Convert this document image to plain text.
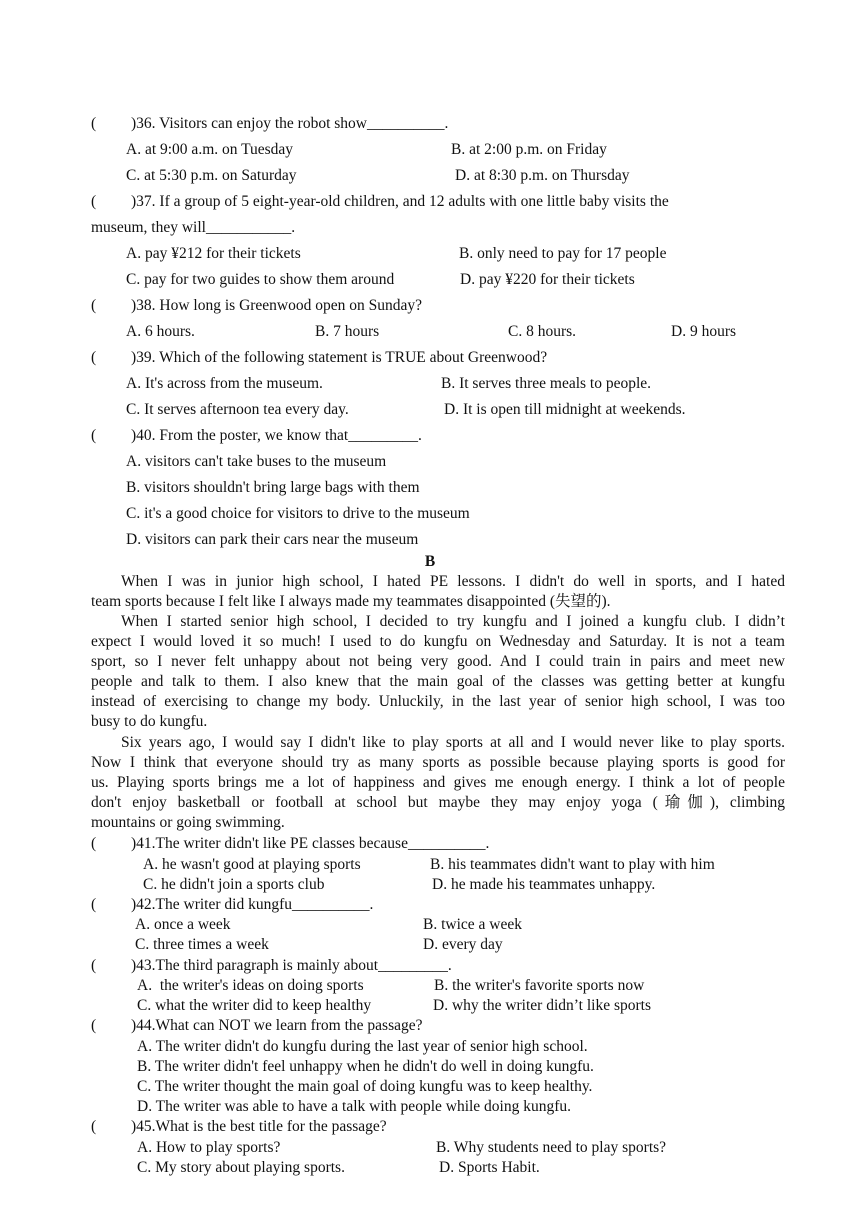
( )36. Visitors can enjoy the robot show__________.
A. at 9:00 a.m. on Tuesday	B. at 2:00 p.m. on Friday
C. at 5:30 p.m. on Saturday	D. at 8:30 p.m. on Thursday
( )37. If a group of 5 eight-year-old children, and 12 adults with one little baby visits the
museum, they will___________.
A. pay ¥212 for their tickets	B. only need to pay for 17 people
C. pay for two guides to show them around	D. pay ¥220 for their tickets
( )38. How long is Greenwood open on Sunday?
A. 6 hours.	B. 7 hours	C. 8 hours.	D. 9 hours
( )39. Which of the following statement is TRUE about Greenwood?
A. It's across from the museum.	B. It serves three meals to people.
C. It serves afternoon tea every day.	D. It is open till midnight at weekends.
( )40. From the poster, we know that_________.
A. visitors can't take buses to the museum
B. visitors shouldn't bring large bags with them
C. it's a good choice for visitors to drive to the museum
D. visitors can park their cars near the museum
B
When I was in junior high school, I hated PE lessons. I didn't do well in sports, and I hated
team sports because I felt like I always made my teammates disappointed (失望的).
When I started senior high school, I decided to try kungfu and I joined a kungfu club. I didn’t
expect I would loved it so much! I used to do kungfu on Wednesday and Saturday. It is not a team
sport, so I never felt unhappy about not being very good. And I could train in pairs and meet new
people and talk to them. I also knew that the main goal of the classes was getting better at kungfu
instead of exercising to change my body. Unluckily, in the last year of senior high school, I was too
busy to do kungfu.
Six years ago, I would say I didn't like to play sports at all and I would never like to play sports.
Now I think that everyone should try as many sports as possible because playing sports is good for
us. Playing sports brings me a lot of happiness and gives me enough energy. I think a lot of people
don't enjoy basketball or football at school but maybe they may enjoy yoga (瑜伽), climbing
mountains or going swimming.
( )41.The writer didn't like PE classes because__________.
A. he wasn't good at playing sports	B. his teammates didn't want to play with him
C. he didn't join a sports club	D. he made his teammates unhappy.
( )42.The writer did kungfu__________.
A. once a week	B. twice a week
C. three times a week	D. every day
( )43.The third paragraph is mainly about_________.
A.  the writer's ideas on doing sports	B. the writer's favorite sports now
C. what the writer did to keep healthy	D. why the writer didn’t like sports
( )44.What can NOT we learn from the passage?
A. The writer didn't do kungfu during the last year of senior high school.
B. The writer didn't feel unhappy when he didn't do well in doing kungfu.
C. The writer thought the main goal of doing kungfu was to keep healthy.
D. The writer was able to have a talk with people while doing kungfu.
( )45.What is the best title for the passage?
A. How to play sports?	B. Why students need to play sports?
C. My story about playing sports.	D. Sports Habit.
